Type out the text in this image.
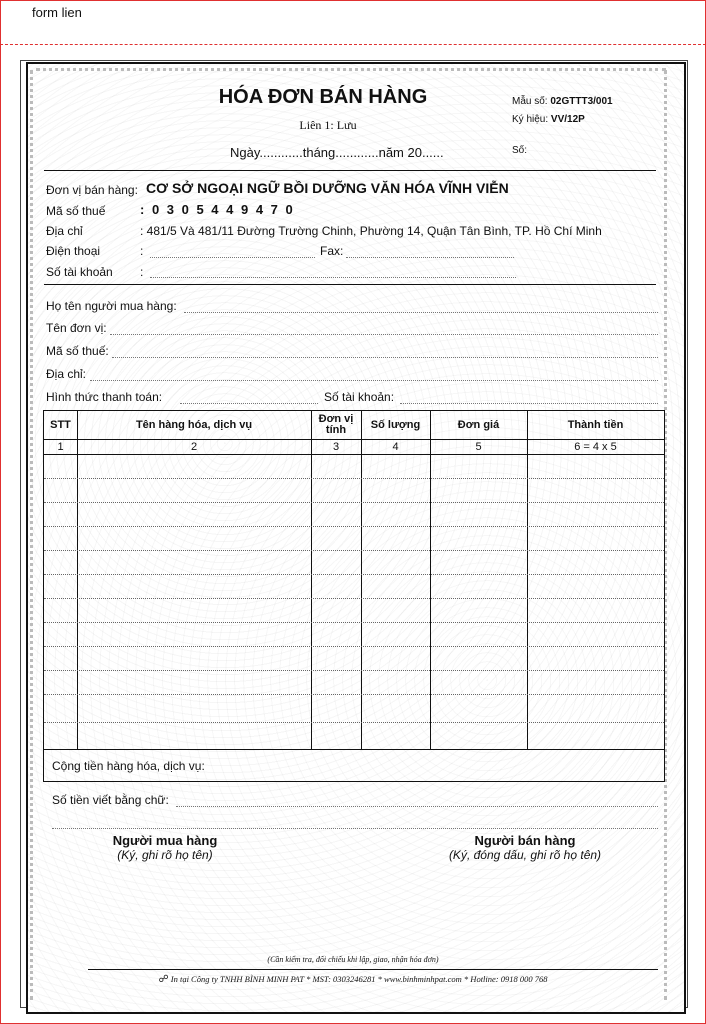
form lien
HÓA ĐƠN BÁN HÀNG
Liên 1: Lưu
Ngày............tháng............năm 20......
Mẫu số: 02GTTT3/001
Ký hiệu: VV/12P
Số:
Đơn vị bán hàng: CƠ SỞ NGOẠI NGỮ BỒI DƯỠNG VĂN HÓA VĨNH VIỄN
Mã số thuế	: 0 3 0 5 4 4 9 4 7 0
Địa chỉ	: 481/5 Và 481/11 Đường Trường Chinh, Phường 14, Quận Tân Bình, TP. Hồ Chí Minh
Điện thoại	:	Fax:
Số tài khoản :
Họ tên người mua hàng:
Tên đơn vị:
Mã số thuế:
Địa chỉ:
Hình thức thanh toán:	Số tài khoản:
STT	Tên hàng hóa, dịch vụ	Đơn vị tính	Số lượng	Đơn giá	Thành tiền
1	2	3	4	5	6 = 4 x 5
Cộng tiền hàng hóa, dịch vụ:
Số tiền viết bằng chữ:
Người mua hàng
(Ký, ghi rõ họ tên)
Người bán hàng
(Ký, đóng dấu, ghi rõ họ tên)
(Cần kiểm tra, đối chiếu khi lập, giao, nhận hóa đơn)
☍ In tại Công ty TNHH BÌNH MINH PAT * MST: 0303246281 * www.binhminhpat.com * Hotline: 0918 000 768
